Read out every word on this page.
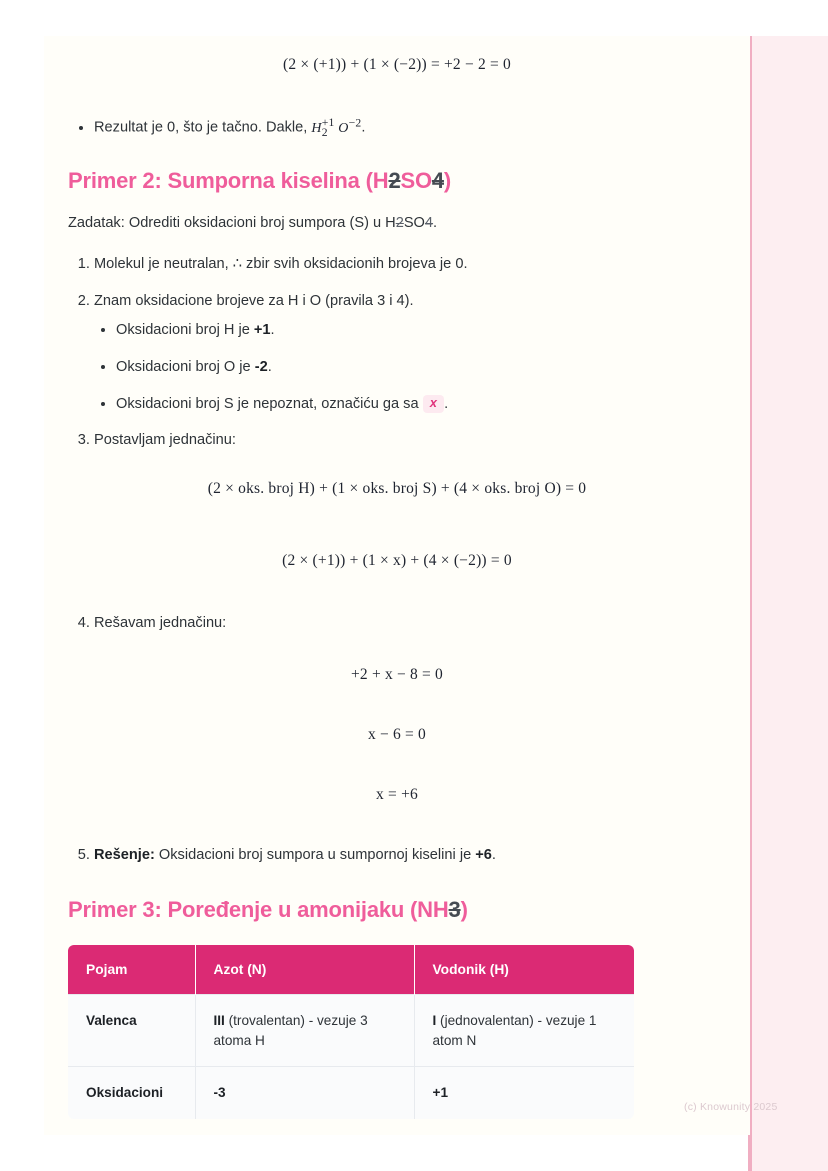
(2 × (+1)) + (1 × (−2)) = +2 − 2 = 0
• Rezultat je 0, što je tačno. Dakle, $H_2^{+1}$ $O^{-2}$.
Primer 2: Sumporna kiselina (H2SO4)

Zadatak: Odrediti oksidacioni broj sumpora (S) u H2SO4.

1. Molekul je neutralan, ∴ zbir svih oksidacionih brojeva je 0.
2. Znam oksidacione brojeve za H i O (pravila 3 i 4).
• Oksidacioni broj H je +1.
• Oksidacioni broj O je -2.
• Oksidacioni broj S je nepoznat, označiću ga sa x .
3. Postavljam jednačinu:
(2 × oks. broj H) + (1 × oks. broj S) + (4 × oks. broj O) = 0
(2 × (+1)) + (1 × x) + (4 × (−2)) = 0
4. Rešavam jednačinu:
+2 + x − 8 = 0
x − 6 = 0
x = +6
5. Rešenje: Oksidacioni broj sumpora u sumpornoj kiselini je +6.
Primer 3: Poređenje u amonijaku (NH3)
Pojam	Azot (N)	Vodonik (H)
Valenca	III (trovalentan) - vezuje 3 atoma H	I (jednovalentan) - vezuje 1 atom N
Oksidacioni	-3	+1
(c) Knowunity 2025
